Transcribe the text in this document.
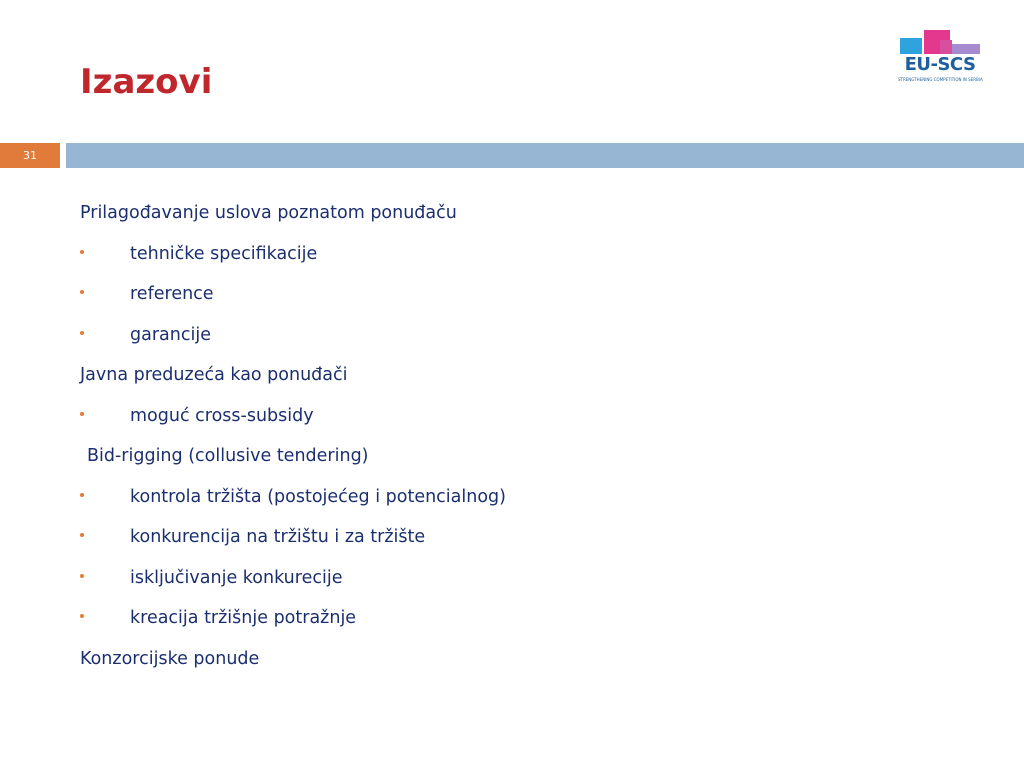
Izazovi	EU-SCS
STRENGTHENING COMPETITION IN SERBIA
31
Prilagođavanje uslova poznatom ponuđaču
tehničke specifikacije
reference
garancije
Javna preduzeća kao ponuđači
moguć cross-subsidy
Bid-rigging (collusive tendering)
kontrola tržišta (postojećeg i potencialnog)
konkurencija na tržištu i za tržište
isključivanje konkurecije
kreacija tržišnje potražnje
Konzorcijske ponude
